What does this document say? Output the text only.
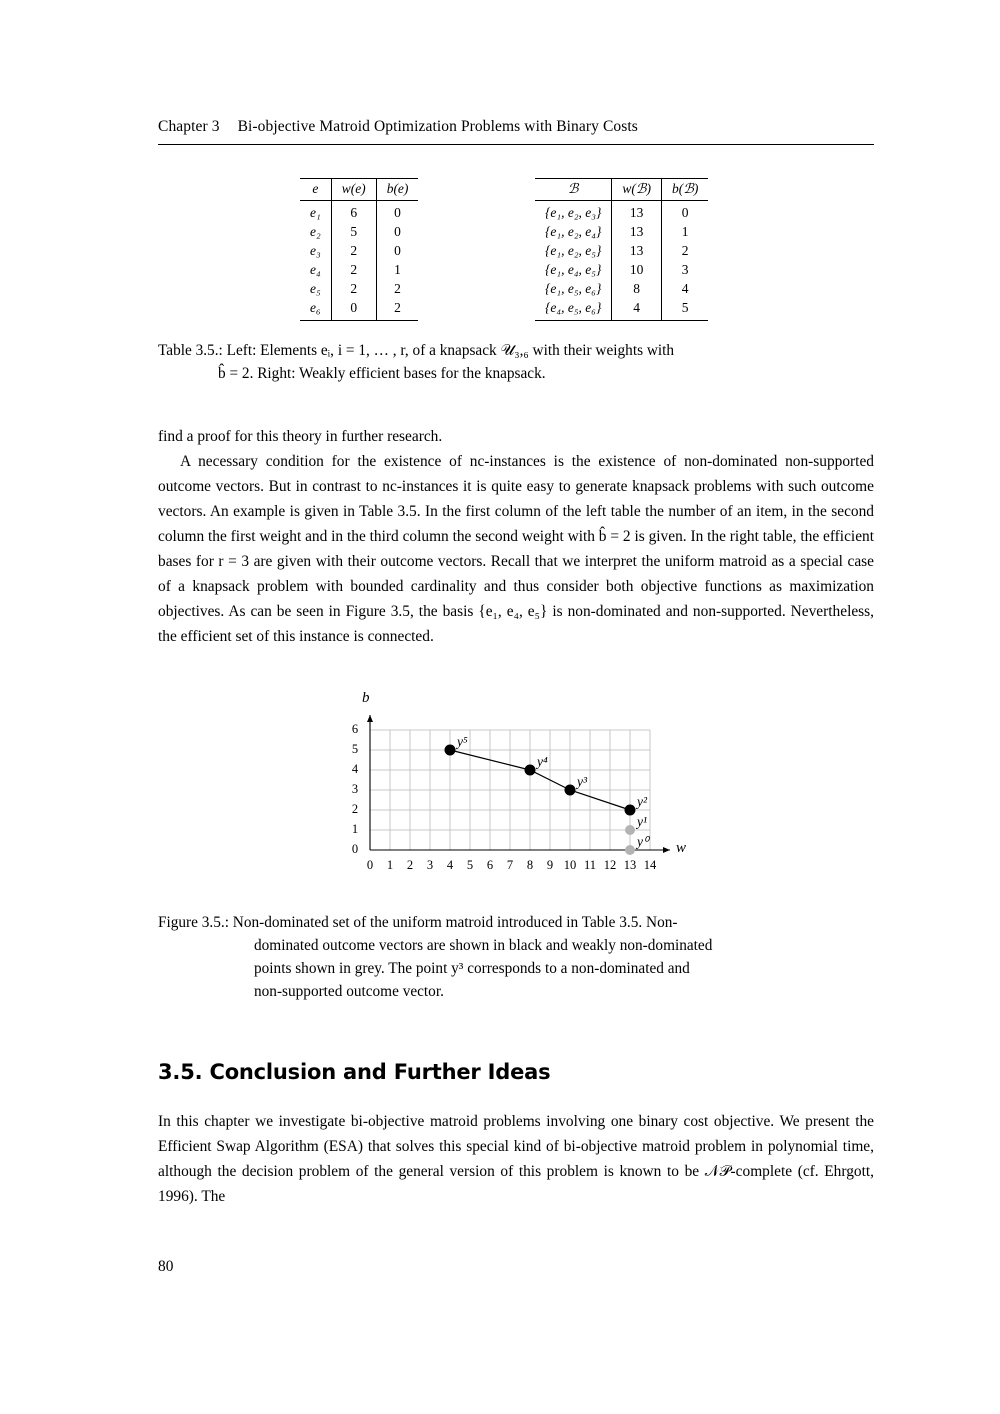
Chapter 3 Bi-objective Matroid Optimization Problems with Binary Costs
e	w(e)	b(e)
e₁	6	0
e₂	5	0
e₃	2	0
e₄	2	1
e₅	2	2
e₆	0	2
ℬ	w(ℬ)	b(ℬ)
{e₁, e₂, e₃}	13	0
{e₁, e₂, e₄}	13	1
{e₁, e₂, e₅}	13	2
{e₁, e₄, e₅}	10	3
{e₁, e₅, e₆}	8	4
{e₄, e₅, e₆}	4	5
Table 3.5.: Left: Elements eᵢ, i = 1, … , r, of a knapsack 𝒰₃,₆ with their weights with
b̂ = 2. Right: Weakly efficient bases for the knapsack.
find a proof for this theory in further research.
A necessary condition for the existence of nc-instances is the existence of non-dominated non-supported outcome vectors. But in contrast to nc-instances it is quite easy to generate knapsack problems with such outcome vectors. An example is given in Table 3.5. In the first column of the left table the number of an item, in the second column the first weight and in the third column the second weight with b̂ = 2 is given. In the right table, the efficient bases for r = 3 are given with their outcome vectors. Recall that we interpret the uniform matroid as a special case of a knapsack problem with bounded cardinality and thus consider both objective functions as maximization objectives. As can be seen in Figure 3.5, the basis {e₁, e₄, e₅} is non-dominated and non-supported. Nevertheless, the efficient set of this instance is connected.
b
w
6
5
4
3
2
1
0
0	1	2	3	4	5	6	7	8	9 10 11 12 13 14
y⁵
y⁴
y³
y²
y¹
y⁰
Figure 3.5.: Non-dominated set of the uniform matroid introduced in Table 3.5. Non-
dominated outcome vectors are shown in black and weakly non-dominated
points shown in grey. The point y³ corresponds to a non-dominated and
non-supported outcome vector.
3.5. Conclusion and Further Ideas
In this chapter we investigate bi-objective matroid problems involving one binary cost objective. We present the Efficient Swap Algorithm (ESA) that solves this special kind of bi-objective matroid problem in polynomial time, although the decision problem of the general version of this problem is known to be 𝒩𝒫-complete (cf. Ehrgott, 1996). The
80
